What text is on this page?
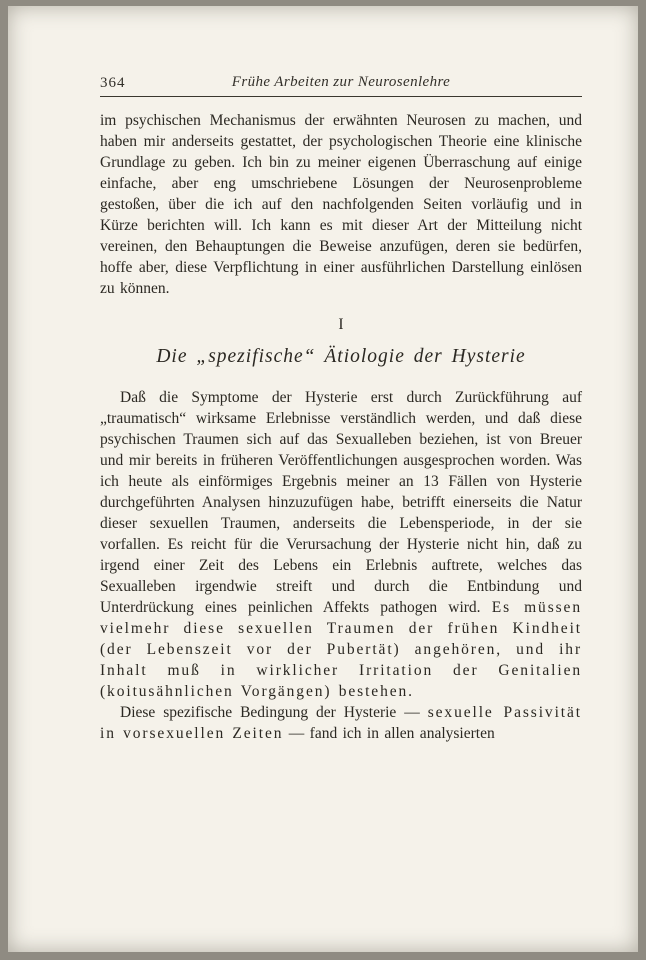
364	Frühe Arbeiten zur Neurosenlehre

im psychischen Mechanismus der erwähnten Neurosen zu machen, und haben mir anderseits gestattet, der psychologischen Theorie eine klinische Grundlage zu geben. Ich bin zu meiner eigenen Überraschung auf einige einfache, aber eng umschriebene Lösungen der Neurosenprobleme gestoßen, über die ich auf den nachfolgenden Seiten vorläufig und in Kürze berichten will. Ich kann es mit dieser Art der Mitteilung nicht vereinen, den Behauptungen die Beweise anzufügen, deren sie bedürfen, hoffe aber, diese Verpflichtung in einer ausführlichen Darstellung einlösen zu können.

I
Die „spezifische“ Ätiologie der Hysterie

Daß die Symptome der Hysterie erst durch Zurückführung auf „traumatisch“ wirksame Erlebnisse verständlich werden, und daß diese psychischen Traumen sich auf das Sexualleben beziehen, ist von Breuer und mir bereits in früheren Veröffentlichungen ausgesprochen worden. Was ich heute als einförmiges Ergebnis meiner an 13 Fällen von Hysterie durchgeführten Analysen hinzuzufügen habe, betrifft einerseits die Natur dieser sexuellen Traumen, anderseits die Lebensperiode, in der sie vorfallen. Es reicht für die Verursachung der Hysterie nicht hin, daß zu irgend einer Zeit des Lebens ein Erlebnis auftrete, welches das Sexualleben irgendwie streift und durch die Entbindung und Unterdrückung eines peinlichen Affekts pathogen wird. Es müssen vielmehr diese sexuellen Traumen der frühen Kindheit (der Lebenszeit vor der Pubertät) angehören, und ihr Inhalt muß in wirklicher Irritation der Genitalien (koitusähnlichen Vorgängen) bestehen.

Diese spezifische Bedingung der Hysterie — sexuelle Passivität in vorsexuellen Zeiten — fand ich in allen analysierten
